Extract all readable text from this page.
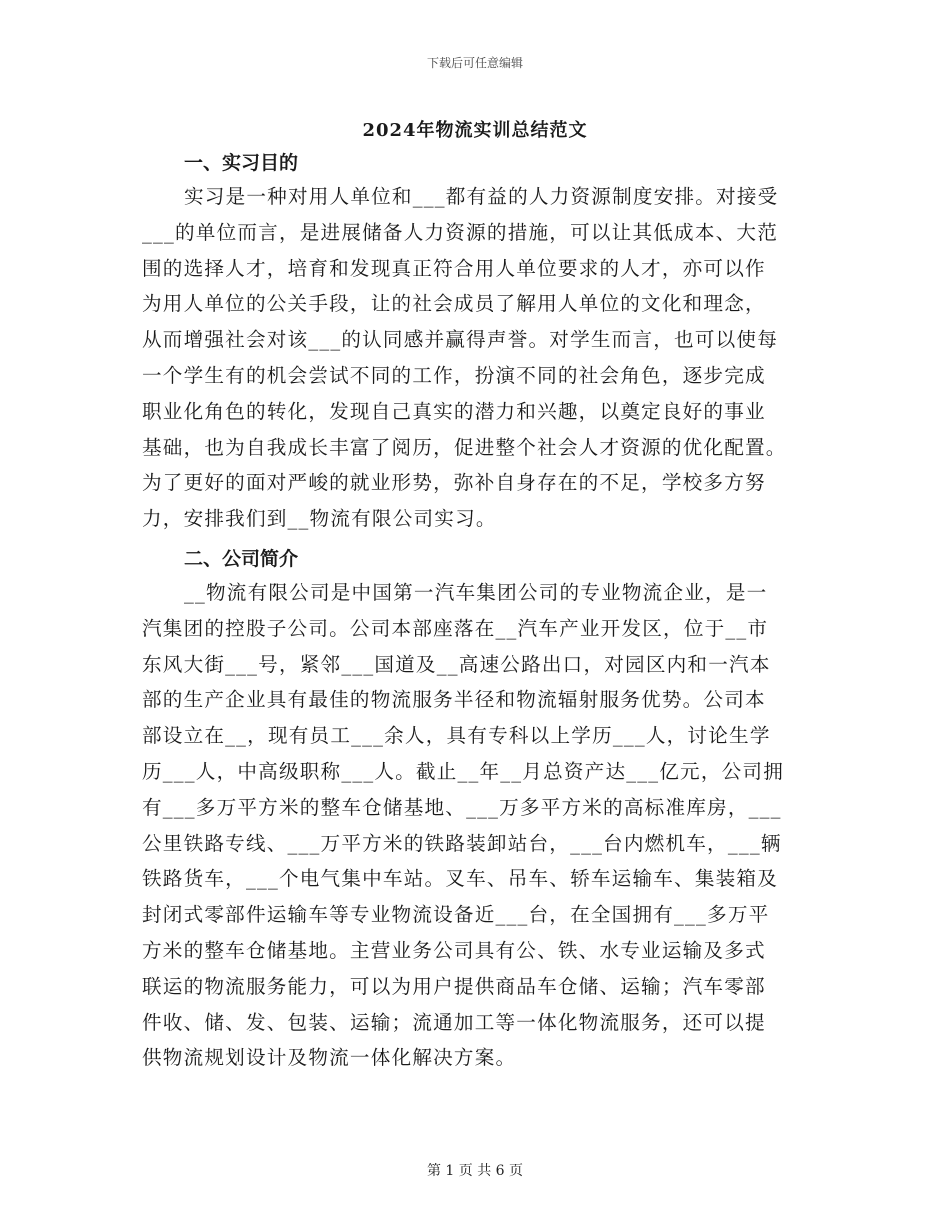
下载后可任意编辑
2024年物流实训总结范文
一、实习目的
实习是一种对用人单位和___都有益的人力资源制度安排。对接受
___的单位而言，是进展储备人力资源的措施，可以让其低成本、大范
围的选择人才，培育和发现真正符合用人单位要求的人才，亦可以作
为用人单位的公关手段，让的社会成员了解用人单位的文化和理念，
从而增强社会对该___的认同感并赢得声誉。对学生而言，也可以使每
一个学生有的机会尝试不同的工作，扮演不同的社会角色，逐步完成
职业化角色的转化，发现自己真实的潜力和兴趣，以奠定良好的事业
基础，也为自我成长丰富了阅历，促进整个社会人才资源的优化配置。
为了更好的面对严峻的就业形势，弥补自身存在的不足，学校多方努
力，安排我们到__物流有限公司实习。
二、公司简介
__物流有限公司是中国第一汽车集团公司的专业物流企业，是一
汽集团的控股子公司。公司本部座落在__汽车产业开发区，位于__市
东风大街___号，紧邻___国道及__高速公路出口，对园区内和一汽本
部的生产企业具有最佳的物流服务半径和物流辐射服务优势。公司本
部设立在__，现有员工___余人，具有专科以上学历___人，讨论生学
历___人，中高级职称___人。截止__年__月总资产达___亿元，公司拥
有___多万平方米的整车仓储基地、___万多平方米的高标准库房，___
公里铁路专线、___万平方米的铁路装卸站台，___台内燃机车，___辆
铁路货车，___个电气集中车站。叉车、吊车、轿车运输车、集装箱及
封闭式零部件运输车等专业物流设备近___台，在全国拥有___多万平
方米的整车仓储基地。主营业务公司具有公、铁、水专业运输及多式
联运的物流服务能力，可以为用户提供商品车仓储、运输；汽车零部
件收、储、发、包装、运输；流通加工等一体化物流服务，还可以提
供物流规划设计及物流一体化解决方案。
第 1 页 共 6 页
